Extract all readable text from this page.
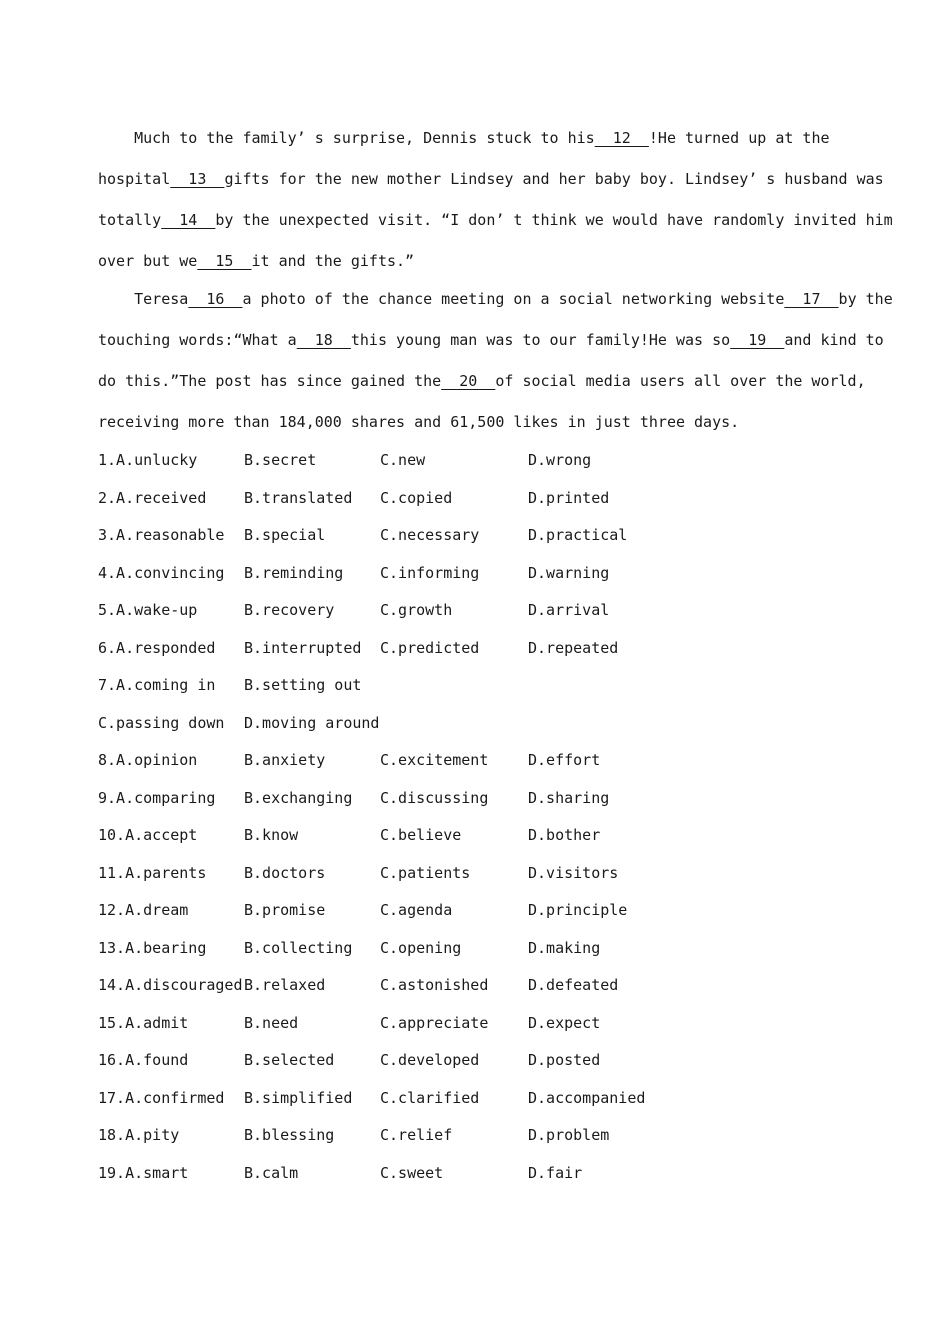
Much to the family’ s surprise, Dennis stuck to his  12  !He turned up at the
hospital  13  gifts for the new mother Lindsey and her baby boy. Lindsey’ s husband was
totally  14  by the unexpected visit. “I don’ t think we would have randomly invited him
over but we  15  it and the gifts.”
Teresa  16  a photo of the chance meeting on a social networking website  17  by the
touching words:“What a  18  this young man was to our family!He was so  19  and kind to
do this.”The post has since gained the  20  of social media users all over the world,
receiving more than 184,000 shares and 61,500 likes in just three days.
1.A.unlucky	B.secret	C.new	D.wrong
2.A.received	B.translated C.copied	D.printed
3.A.reasonable B.special	C.necessary	D.practical
4.A.convincing B.reminding C.informing	D.warning
5.A.wake-up	B.recovery	C.growth	D.arrival
6.A.responded B.interrupted C.predicted	D.repeated
7.A.coming in B.setting out
C.passing down D.moving around
8.A.opinion	B.anxiety	C.excitement	D.effort
9.A.comparing B.exchanging C.discussing	D.sharing
10.A.accept	B.know	C.believe	D.bother
11.A.parents	B.doctors	C.patients	D.visitors
12.A.dream	B.promise	C.agenda	D.principle
13.A.bearing	B.collecting C.opening	D.making
14.A.discouraged B.relaxed	C.astonished	D.defeated
15.A.admit	B.need	C.appreciate	D.expect
16.A.found	B.selected	C.developed	D.posted
17.A.confirmed B.simplified C.clarified	D.accompanied
18.A.pity	B.blessing	C.relief	D.problem
19.A.smart	B.calm	C.sweet	D.fair
